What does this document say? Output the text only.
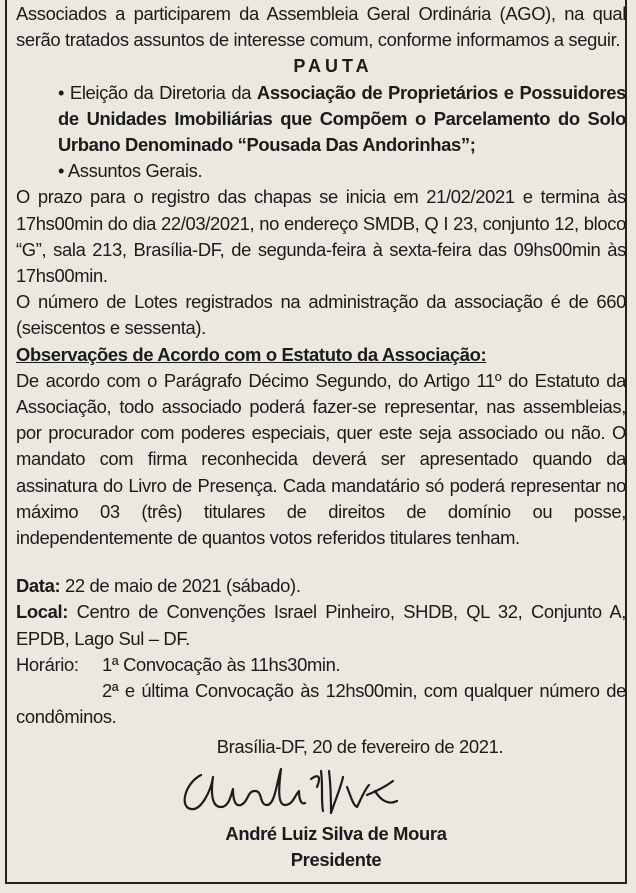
Associados a participarem da Assembleia Geral Ordinária (AGO), na qual serão tratados assuntos de interesse comum, conforme informamos a seguir.

PAUTA

• Eleição da Diretoria da Associação de Proprietários e Possuidores de Unidades Imobiliárias que Compõem o Parcelamento do Solo Urbano Denominado “Pousada Das Andorinhas”;

• Assuntos Gerais.

O prazo para o registro das chapas se inicia em 21/02/2021 e termina às 17hs00min do dia 22/03/2021, no endereço SMDB, Q I 23, conjunto 12, bloco “G”, sala 213, Brasília-DF, de segunda-feira à sexta-feira das 09hs00min às 17hs00min.

O número de Lotes registrados na administração da associação é de 660 (seiscentos e sessenta).

Observações de Acordo com o Estatuto da Associação:

De acordo com o Parágrafo Décimo Segundo, do Artigo 11º do Estatuto da Associação, todo associado poderá fazer-se representar, nas assembleias, por procurador com poderes especiais, quer este seja associado ou não. O mandato com firma reconhecida deverá ser apresentado quando da assinatura do Livro de Presença. Cada mandatário só poderá representar no máximo 03 (três) titulares de direitos de domínio ou posse, independentemente de quantos votos referidos titulares tenham.

Data: 22 de maio de 2021 (sábado).

Local: Centro de Convenções Israel Pinheiro, SHDB, QL 32, Conjunto A, EPDB, Lago Sul – DF.

Horário: 1ª Convocação às 11hs30min.

2ª e última Convocação às 12hs00min, com qualquer número de condôminos.

Brasília-DF, 20 de fevereiro de 2021.

André Luiz Silva de Moura

Presidente
